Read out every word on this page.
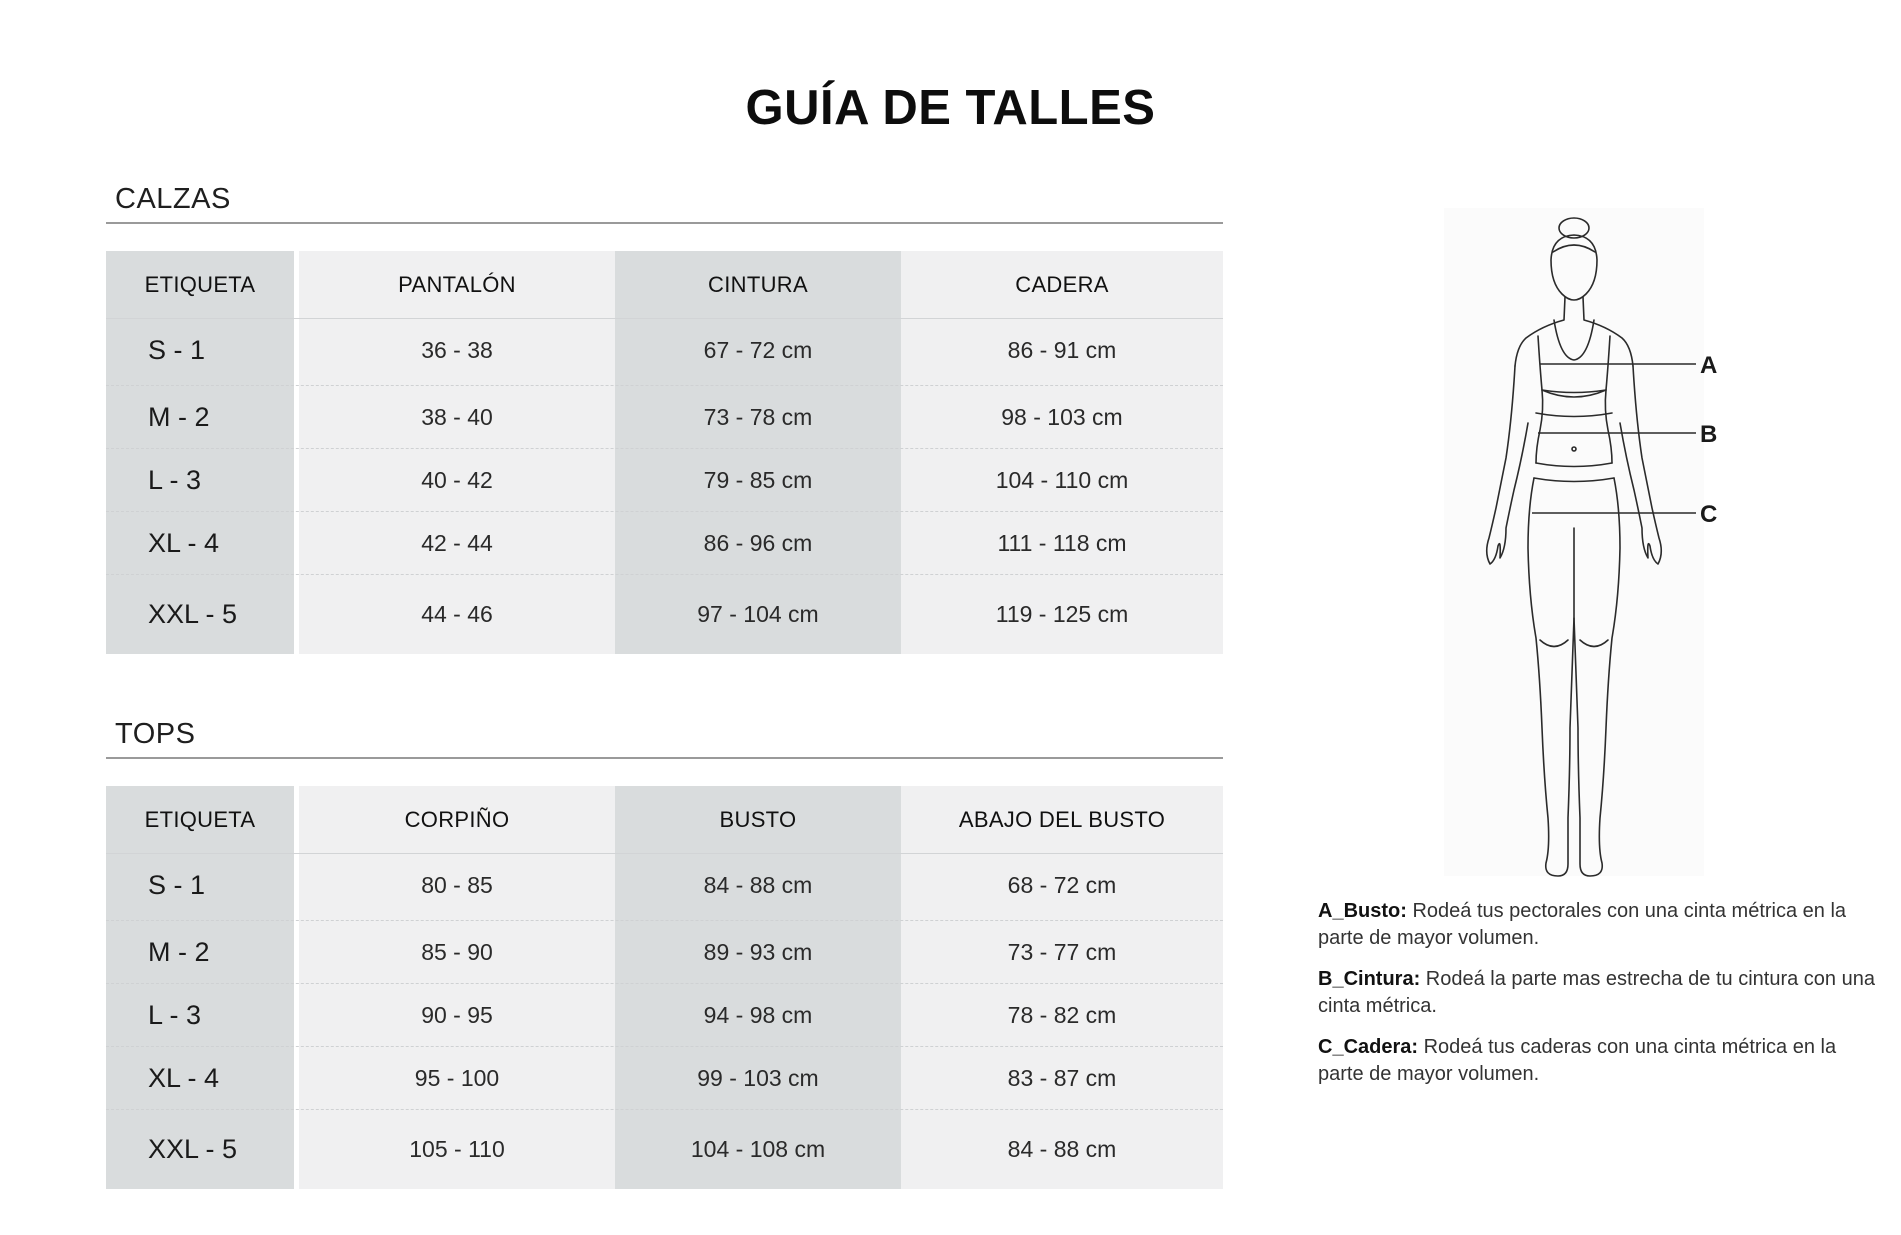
GUÍA DE TALLES
CALZAS
ETIQUETA	PANTALÓN	CINTURA	CADERA
S - 1	36 - 38	67 - 72 cm	86 - 91 cm
M - 2	38 - 40	73 - 78 cm	98 - 103 cm
L - 3	40 - 42	79 - 85 cm	104 - 110 cm
XL - 4	42 - 44	86 - 96 cm	111 - 118 cm
XXL - 5	44 - 46	97 - 104 cm	119 - 125 cm
TOPS
ETIQUETA	CORPIÑO	BUSTO	ABAJO DEL BUSTO
S - 1	80 - 85	84 - 88 cm	68 - 72 cm
M - 2	85 - 90	89 - 93 cm	73 - 77 cm
L - 3	90 - 95	94 - 98 cm	78 - 82 cm
XL - 4	95 - 100	99 - 103 cm	83 - 87 cm
XXL - 5	105 - 110	104 - 108 cm	84 - 88 cm
A
B
C
A_Busto: Rodeá tus pectorales con una cinta métrica en la parte de mayor volumen.
B_Cintura: Rodeá la parte mas estrecha de tu cintura con una cinta métrica.
C_Cadera: Rodeá tus caderas con una cinta métrica en la parte de mayor volumen.
